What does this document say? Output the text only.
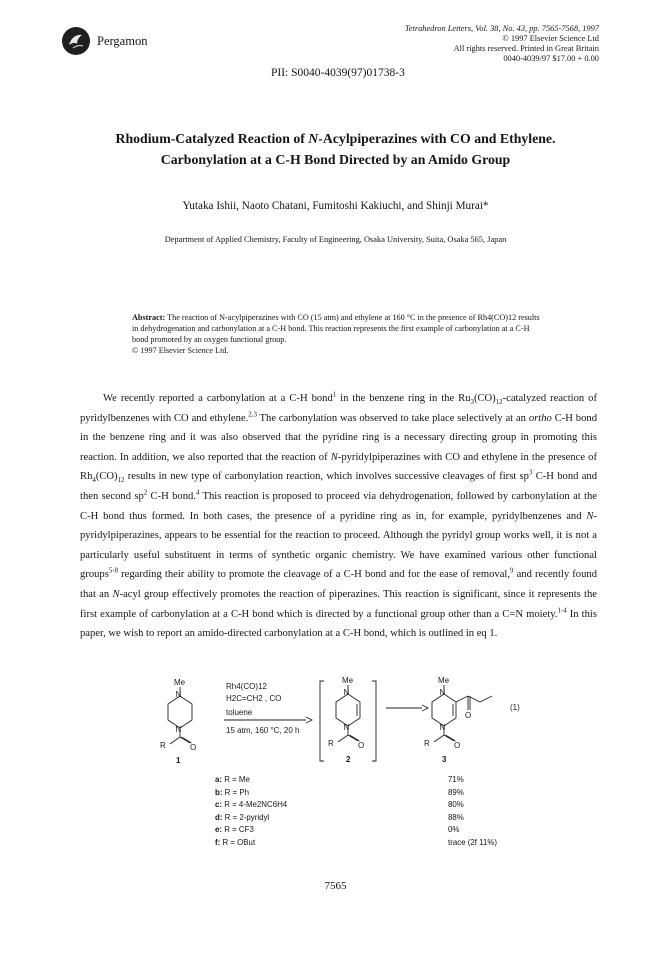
Pergamon
Tetrahedron Letters, Vol. 38, No. 43, pp. 7565-7568, 1997
© 1997 Elsevier Science Ltd
All rights reserved. Printed in Great Britain
0040-4039/97 $17.00 + 0.00
PII: S0040-4039(97)01738-3
Rhodium-Catalyzed Reaction of N-Acylpiperazines with CO and Ethylene.
Carbonylation at a C-H Bond Directed by an Amido Group
Yutaka Ishii, Naoto Chatani, Fumitoshi Kakiuchi, and Shinji Murai*
Department of Applied Chemistry, Faculty of Engineering, Osaka University, Suita, Osaka 565, Japan
Abstract: The reaction of N-acylpiperazines with CO (15 atm) and ethylene at 160 °C in the presence of Rh4(CO)12 results in dehydrogenation and carbonylation at a C-H bond. This reaction represents the first example of carbonylation at a C-H bond promoted by an oxygen functional group.
© 1997 Elsevier Science Ltd.

We recently reported a carbonylation at a C-H bond$^1$ in the benzene ring in the $Ru_3(CO)_{12}$-catalyzed reaction of pyridylbenzenes with CO and ethylene.$^{2,3}$ The carbonylation was observed to take place selectively at an ortho C-H bond in the benzene ring and it was also observed that the pyridine ring is a necessary directing group in promoting this reaction. In addition, we also reported that the reaction of N-pyridylpiperazines with CO and ethylene in the presence of $Rh_4(CO)_{12}$ results in new type of carbonylation reaction, which involves successive cleavages of first $sp^3$ C-H bond and then second $sp^2$ C-H bond.$^4$ This reaction is proposed to proceed via dehydrogenation, followed by carbonylation at the C-H bond thus formed. In both cases, the presence of a pyridine ring as in, for example, pyridylbenzenes and N-pyridylpiperazines, appears to be essential for the reaction to proceed. Although the pyridyl group works well, it is not a particularly useful substituent in terms of synthetic organic chemistry. We have examined various other functional groups$^{5-8}$ regarding their ability to promote the cleavage of a C-H bond and for the ease of removal,$^9$ and recently found that an N-acyl group effectively promotes the reaction of piperazines. This reaction is significant, since it represents the first example of carbonylation at a C-H bond which is directed by a functional group other than a C=N moiety.$^{1-4}$ In this paper, we wish to report an amido-directed carbonylation at a C-H bond, which is outlined in eq 1.

Me
N
N
R	O
1
Rh4(CO)12
H2C=CH2 , CO
toluene
15 atm, 160 °C, 20 h
Me
N
N
R	O
2
Me
N
N
R	O
O
3
(1)
a: R = Me	71%
b: R = Ph	89%
c: R = 4-Me2NC6H4	80%
d: R = 2-pyridyl	88%
e: R = CF3	0%
f: R = OBut	trace (2f 11%)
7565
